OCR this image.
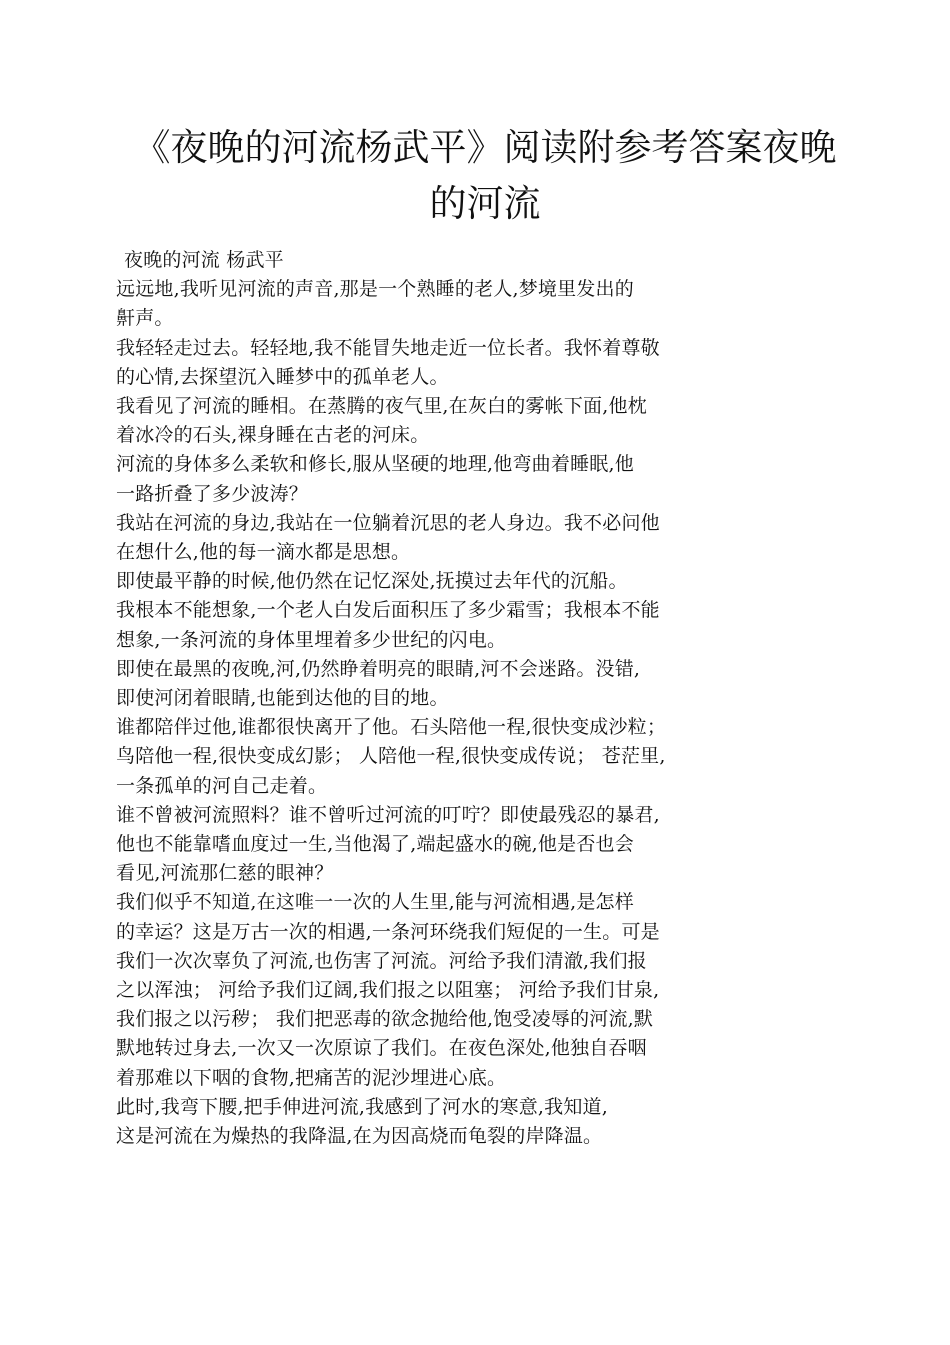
《夜晚的河流杨武平》阅读附参考答案夜晚
的河流
夜晚的河流 杨武平
远远地,我听见河流的声音,那是一个熟睡的老人,梦境里发出的
鼾声。
我轻轻走过去。轻轻地,我不能冒失地走近一位长者。我怀着尊敬
的心情,去探望沉入睡梦中的孤单老人。
我看见了河流的睡相。在蒸腾的夜气里,在灰白的雾帐下面,他枕
着冰冷的石头,裸身睡在古老的河床。
河流的身体多么柔软和修长,服从坚硬的地理,他弯曲着睡眠,他
一路折叠了多少波涛？
我站在河流的身边,我站在一位躺着沉思的老人身边。我不必问他
在想什么,他的每一滴水都是思想。
即使最平静的时候,他仍然在记忆深处,抚摸过去年代的沉船。
我根本不能想象,一个老人白发后面积压了多少霜雪；我根本不能
想象,一条河流的身体里埋着多少世纪的闪电。
即使在最黑的夜晚,河,仍然睁着明亮的眼睛,河不会迷路。没错,
即使河闭着眼睛,也能到达他的目的地。
谁都陪伴过他,谁都很快离开了他。石头陪他一程,很快变成沙粒；
鸟陪他一程,很快变成幻影； 人陪他一程,很快变成传说； 苍茫里,
一条孤单的河自己走着。
谁不曾被河流照料？谁不曾听过河流的叮咛？即使最残忍的暴君,
他也不能靠嗜血度过一生,当他渴了,端起盛水的碗,他是否也会
看见,河流那仁慈的眼神？
我们似乎不知道,在这唯一一次的人生里,能与河流相遇,是怎样
的幸运？这是万古一次的相遇,一条河环绕我们短促的一生。可是
我们一次次辜负了河流,也伤害了河流。河给予我们清澈,我们报
之以浑浊； 河给予我们辽阔,我们报之以阻塞； 河给予我们甘泉,
我们报之以污秽； 我们把恶毒的欲念抛给他,饱受凌辱的河流,默
默地转过身去,一次又一次原谅了我们。在夜色深处,他独自吞咽
着那难以下咽的食物,把痛苦的泥沙埋进心底。
此时,我弯下腰,把手伸进河流,我感到了河水的寒意,我知道,
这是河流在为燥热的我降温,在为因高烧而龟裂的岸降温。
